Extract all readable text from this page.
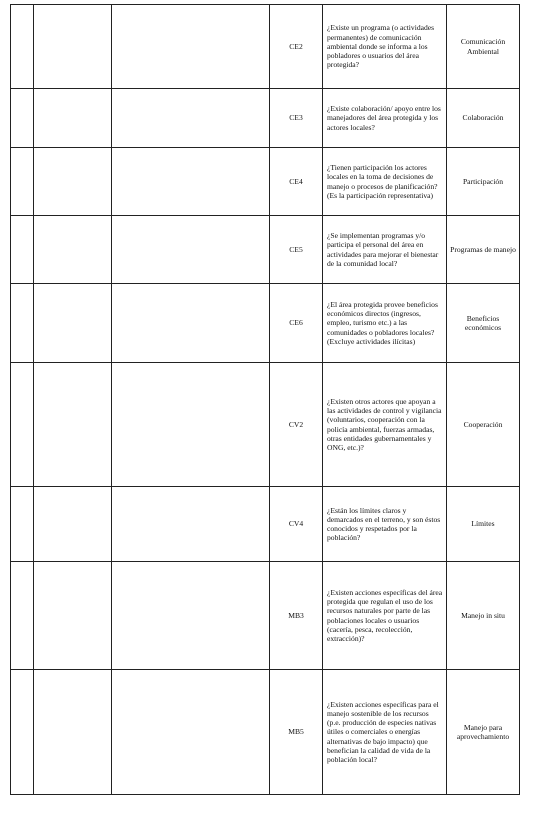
			CE2	¿Existe un programa (o actividades permanentes) de comunicación ambiental donde se informa a los pobladores o usuarios del área protegida?	Comunicación Ambiental
			CE3	¿Existe colaboración/ apoyo entre los manejadores del área protegida y los actores locales?	Colaboración
			CE4	¿Tienen participación los actores locales en la toma de decisiones de manejo o procesos de planificación? (Es la participación representativa)	Participación
			CE5	¿Se implementan programas y/o participa el personal del área en actividades para mejorar el bienestar de la comunidad local?	Programas de manejo
			CE6	¿El área protegida provee beneficios económicos directos (ingresos, empleo, turismo etc.) a las comunidades o pobladores locales? (Excluye actividades ilícitas)	Beneficios económicos
			CV2	¿Existen otros actores que apoyan a las actividades de control y vigilancia (voluntarios, cooperación con la policía ambiental, fuerzas armadas, otras entidades gubernamentales y ONG, etc.)?	Cooperación
			CV4	¿Están los límites claros y demarcados en el terreno, y son éstos conocidos y respetados por la población?	Límites
			MB3	¿Existen acciones específicas del área protegida que regulan el uso de los recursos naturales por parte de las poblaciones locales o usuarios (cacería, pesca, recolección, extracción)?	Manejo in situ
			MB5	¿Existen acciones específicas para el manejo sostenible de los recursos (p.e. producción de especies nativas útiles o comerciales o energías alternativas de bajo impacto) que benefician la calidad de vida de la población local?	Manejo para aprovechamiento
